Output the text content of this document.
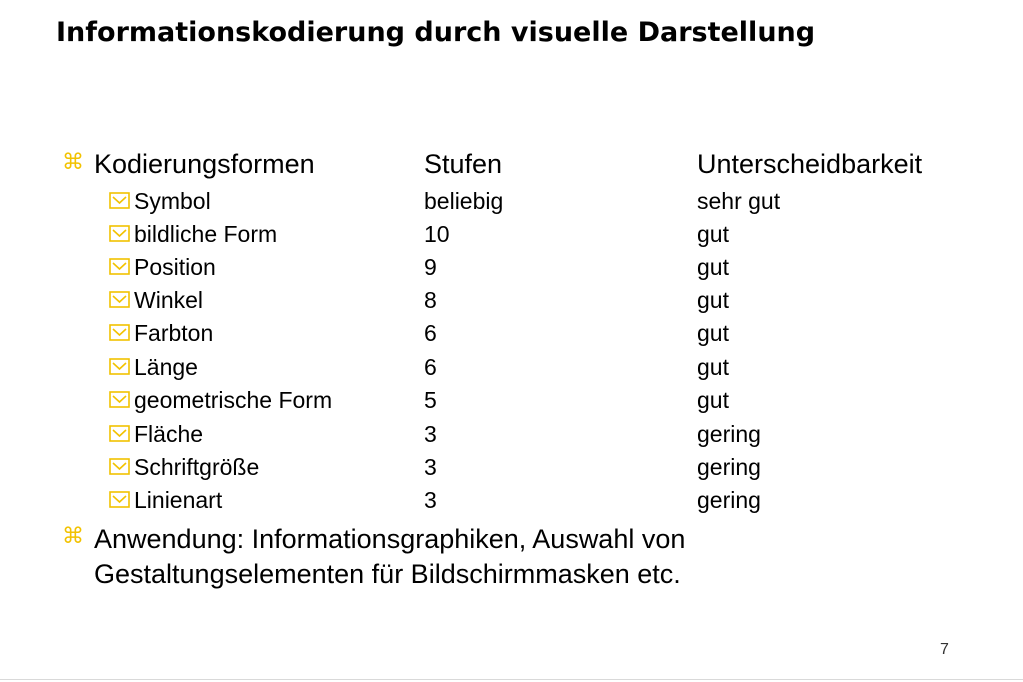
Informationskodierung durch visuelle Darstellung
⌘ Kodierungsformen	Stufen	Unterscheidbarkeit
Symbol	beliebig	sehr gut
bildliche Form	10	gut
Position	9	gut
Winkel	8	gut
Farbton	6	gut
Länge	6	gut
geometrische Form	5	gut
Fläche	3	gering
Schriftgröße	3	gering
Linienart	3	gering
⌘ Anwendung: Informationsgraphiken, Auswahl von Gestaltungselementen für Bildschirmmasken etc.
7
